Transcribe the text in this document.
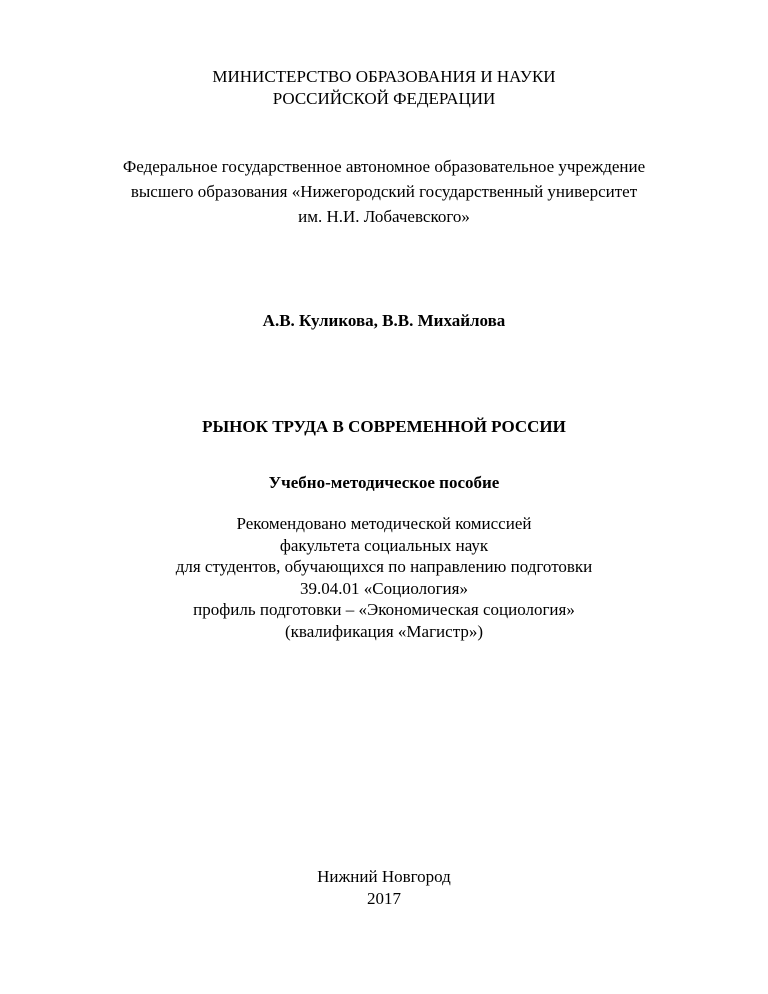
МИНИСТЕРСТВО ОБРАЗОВАНИЯ И НАУКИ
РОССИЙСКОЙ ФЕДЕРАЦИИ
Федеральное государственное автономное образовательное учреждение
высшего образования «Нижегородский государственный университет
им. Н.И. Лобачевского»
А.В. Куликова, В.В. Михайлова
РЫНОК ТРУДА В СОВРЕМЕННОЙ РОССИИ
Учебно-методическое пособие
Рекомендовано методической комиссией
факультета социальных наук
для студентов, обучающихся по направлению подготовки
39.04.01 «Социология»
профиль подготовки – «Экономическая социология»
(квалификация «Магистр»)
Нижний Новгород
2017
